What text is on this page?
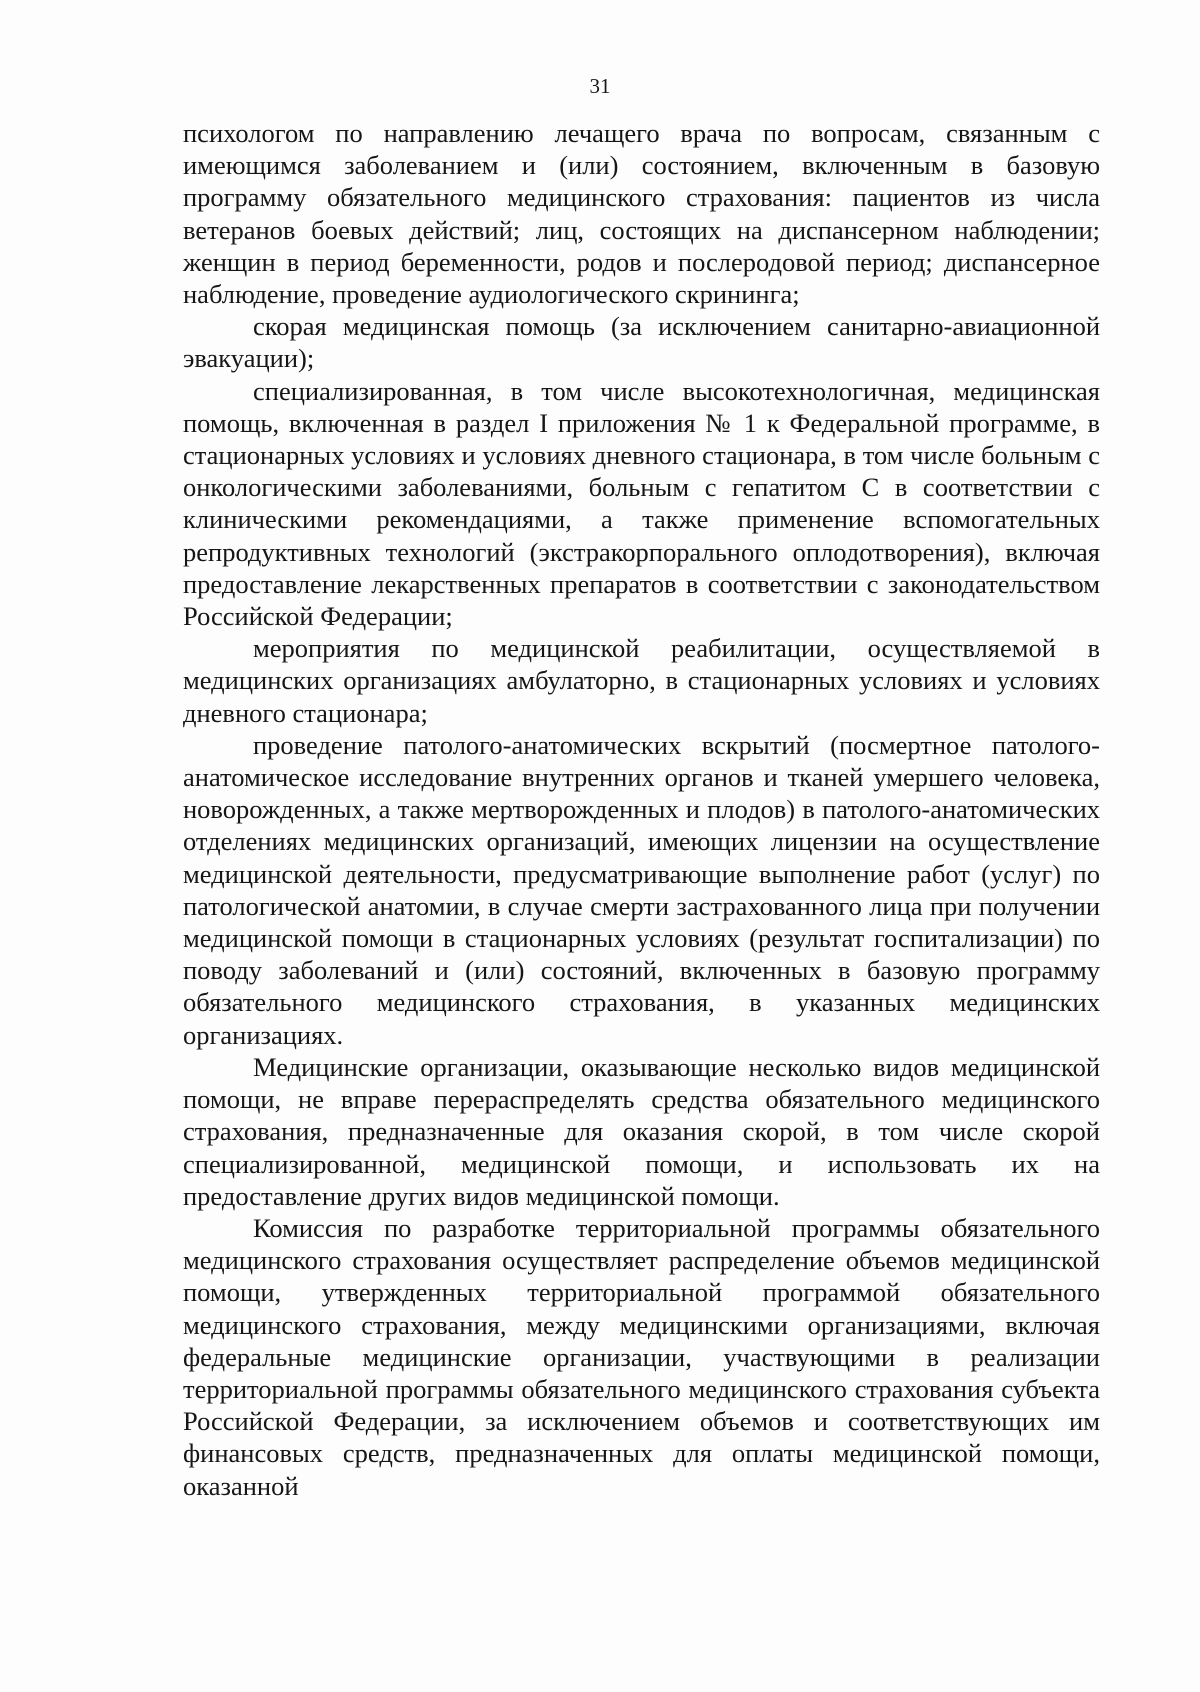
31

психологом по направлению лечащего врача по вопросам, связанным с имеющимся заболеванием и (или) состоянием, включенным в базовую программу обязательного медицинского страхования: пациентов из числа ветеранов боевых действий; лиц, состоящих на диспансерном наблюдении; женщин в период беременности, родов и послеродовой период; диспансерное наблюдение, проведение аудиологического скрининга;

скорая медицинская помощь (за исключением санитарно-авиационной эвакуации);

специализированная, в том числе высокотехнологичная, медицинская помощь, включенная в раздел I приложения № 1 к Федеральной программе, в стационарных условиях и условиях дневного стационара, в том числе больным с онкологическими заболеваниями, больным с гепатитом С в соответствии с клиническими рекомендациями, а также применение вспомогательных репродуктивных технологий (экстракорпорального оплодотворения), включая предоставление лекарственных препаратов в соответствии с законодательством Российской Федерации;

мероприятия по медицинской реабилитации, осуществляемой в медицинских организациях амбулаторно, в стационарных условиях и условиях дневного стационара;

проведение патолого-анатомических вскрытий (посмертное патолого-анатомическое исследование внутренних органов и тканей умершего человека, новорожденных, а также мертворожденных и плодов) в патолого-анатомических отделениях медицинских организаций, имеющих лицензии на осуществление медицинской деятельности, предусматривающие выполнение работ (услуг) по патологической анатомии, в случае смерти застрахованного лица при получении медицинской помощи в стационарных условиях (результат госпитализации) по поводу заболеваний и (или) состояний, включенных в базовую программу обязательного медицинского страхования, в указанных медицинских организациях.

Медицинские организации, оказывающие несколько видов медицинской помощи, не вправе перераспределять средства обязательного медицинского страхования, предназначенные для оказания скорой, в том числе скорой специализированной, медицинской помощи, и использовать их на предоставление других видов медицинской помощи.

Комиссия по разработке территориальной программы обязательного медицинского страхования осуществляет распределение объемов медицинской помощи, утвержденных территориальной программой обязательного медицинского страхования, между медицинскими организациями, включая федеральные медицинские организации, участвующими в реализации территориальной программы обязательного медицинского страхования субъекта Российской Федерации, за исключением объемов и соответствующих им финансовых средств, предназначенных для оплаты медицинской помощи, оказанной
